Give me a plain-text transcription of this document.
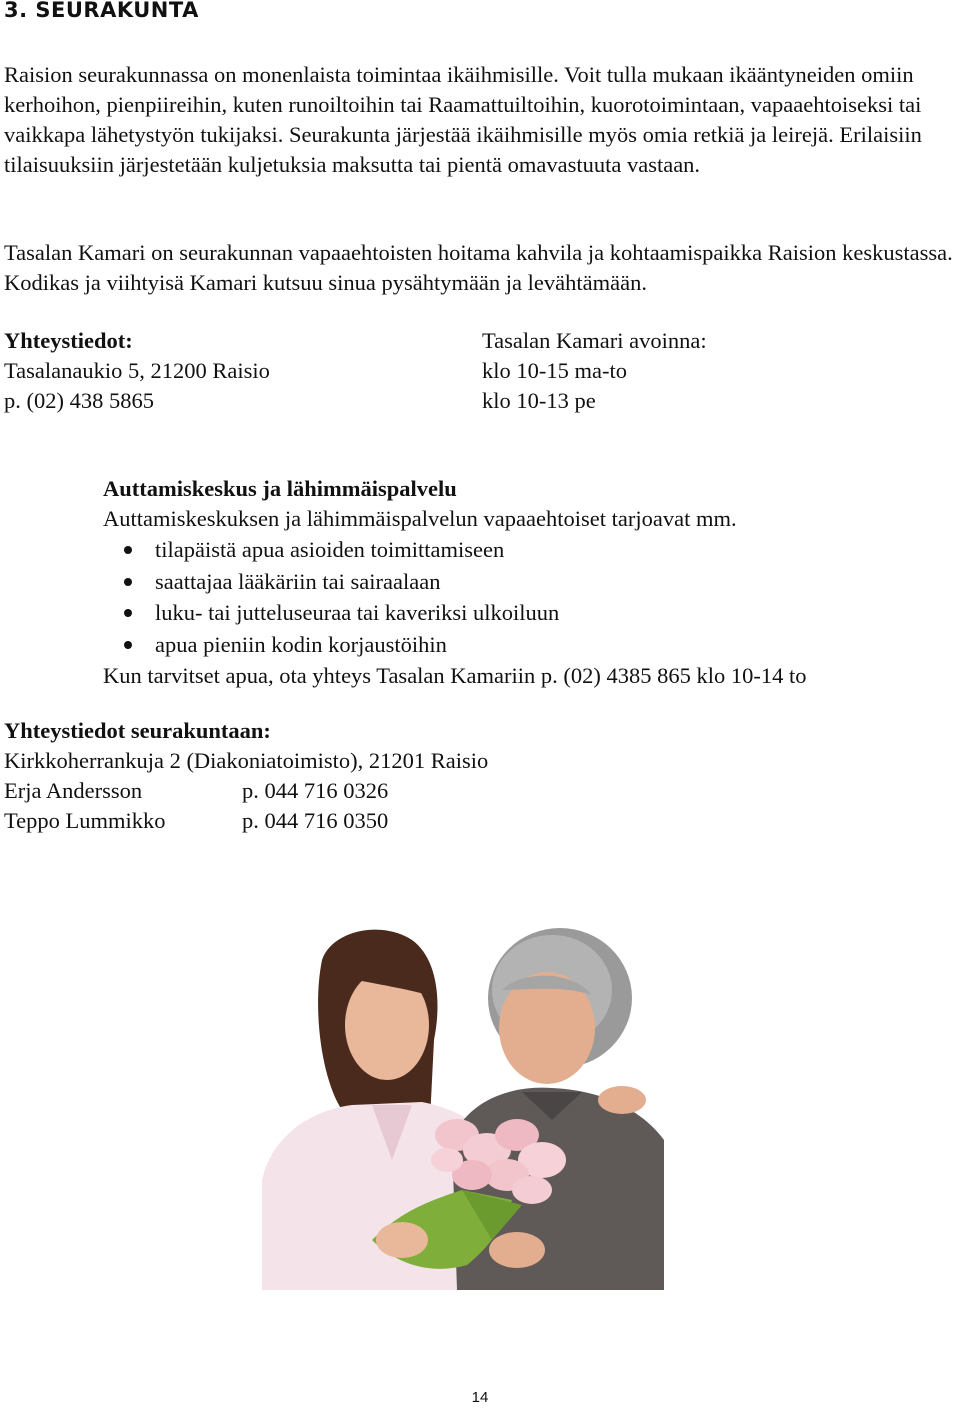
3. SEURAKUNTA

Raision seurakunnassa on monenlaista toimintaa ikäihmisille. Voit tulla mukaan ikääntyneiden omiin kerhoihon, pienpiireihin, kuten runoiltoihin tai Raamattuiltoihin, kuorotoimintaan, vapaaehtoiseksi tai vaikkapa lähetystyön tukijaksi. Seurakunta järjestää ikäihmisille myös omia retkiä ja leirejä. Erilaisiin tilaisuuksiin järjestetään kuljetuksia maksutta tai pientä omavastuuta vastaan.

Tasalan Kamari on seurakunnan vapaaehtoisten hoitama kahvila ja kohtaamispaikka Raision keskustassa. Kodikas ja viihtyisä Kamari kutsuu sinua pysähtymään ja levähtämään.

Yhteystiedot:
Tasalanaukio 5, 21200 Raisio
p. (02) 438 5865
Tasalan Kamari avoinna:
klo 10-15 ma-to
klo 10-13 pe
Auttamiskeskus ja lähimmäispalvelu
Auttamiskeskuksen ja lähimmäispalvelun vapaaehtoiset tarjoavat mm.
tilapäistä apua asioiden toimittamiseen
saattajaa lääkäriin tai sairaalaan
luku- tai jutteluseuraa tai kaveriksi ulkoiluun
apua pieniin kodin korjaustöihin
Kun tarvitset apua, ota yhteys Tasalan Kamariin p. (02) 4385 865 klo 10-14 to
Yhteystiedot seurakuntaan:
Kirkkoherrankuja 2 (Diakoniatoimisto), 21201 Raisio
Erja Andersson	p. 044 716 0326
Teppo Lummikko	p. 044 716 0350
14
